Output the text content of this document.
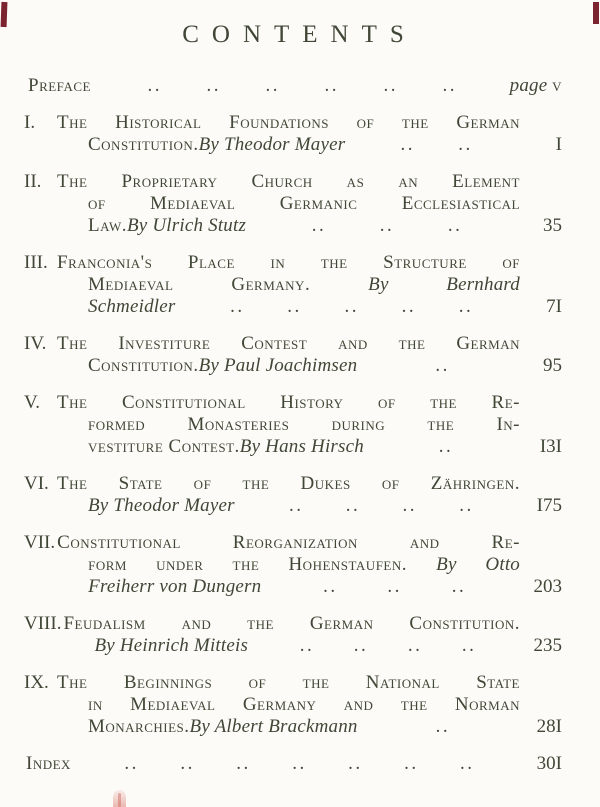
CONTENTS
Preface	.. .. .. .. .. ..	page v
I.	The Historical Foundations of the German
Constitution. By Theodor Mayer	.. ..	I
II. The Proprietary Church as an Element
of Mediaeval Germanic Ecclesiastical
Law. By Ulrich Stutz	..	..	..	35
III. Franconia's Place in the Structure of
Mediaeval Germany. By Bernhard
Schmeidler	.. .. .. .. ..	7I
IV. The Investiture Contest and the German
Constitution. By Paul Joachimsen	..	95
V. The Constitutional History of the Re-
formed Monasteries during the In-
vestiture Contest. By Hans Hirsch	..	I3I
VI. The State of the Dukes of Zähringen.
By Theodor Mayer	.. .. .. ..	I75
VII. Constitutional Reorganization and Re-
form under the Hohenstaufen. By Otto
Freiherr von Dungern	..	..	..	203
VIII. Feudalism and the German Constitution.
By Heinrich Mitteis	.. .. .. ..	235
IX. The Beginnings of the National State
in Mediaeval Germany and the Norman
Monarchies. By Albert Brackmann	..	28I
Index	.. .. .. .. .. .. ..	30I
